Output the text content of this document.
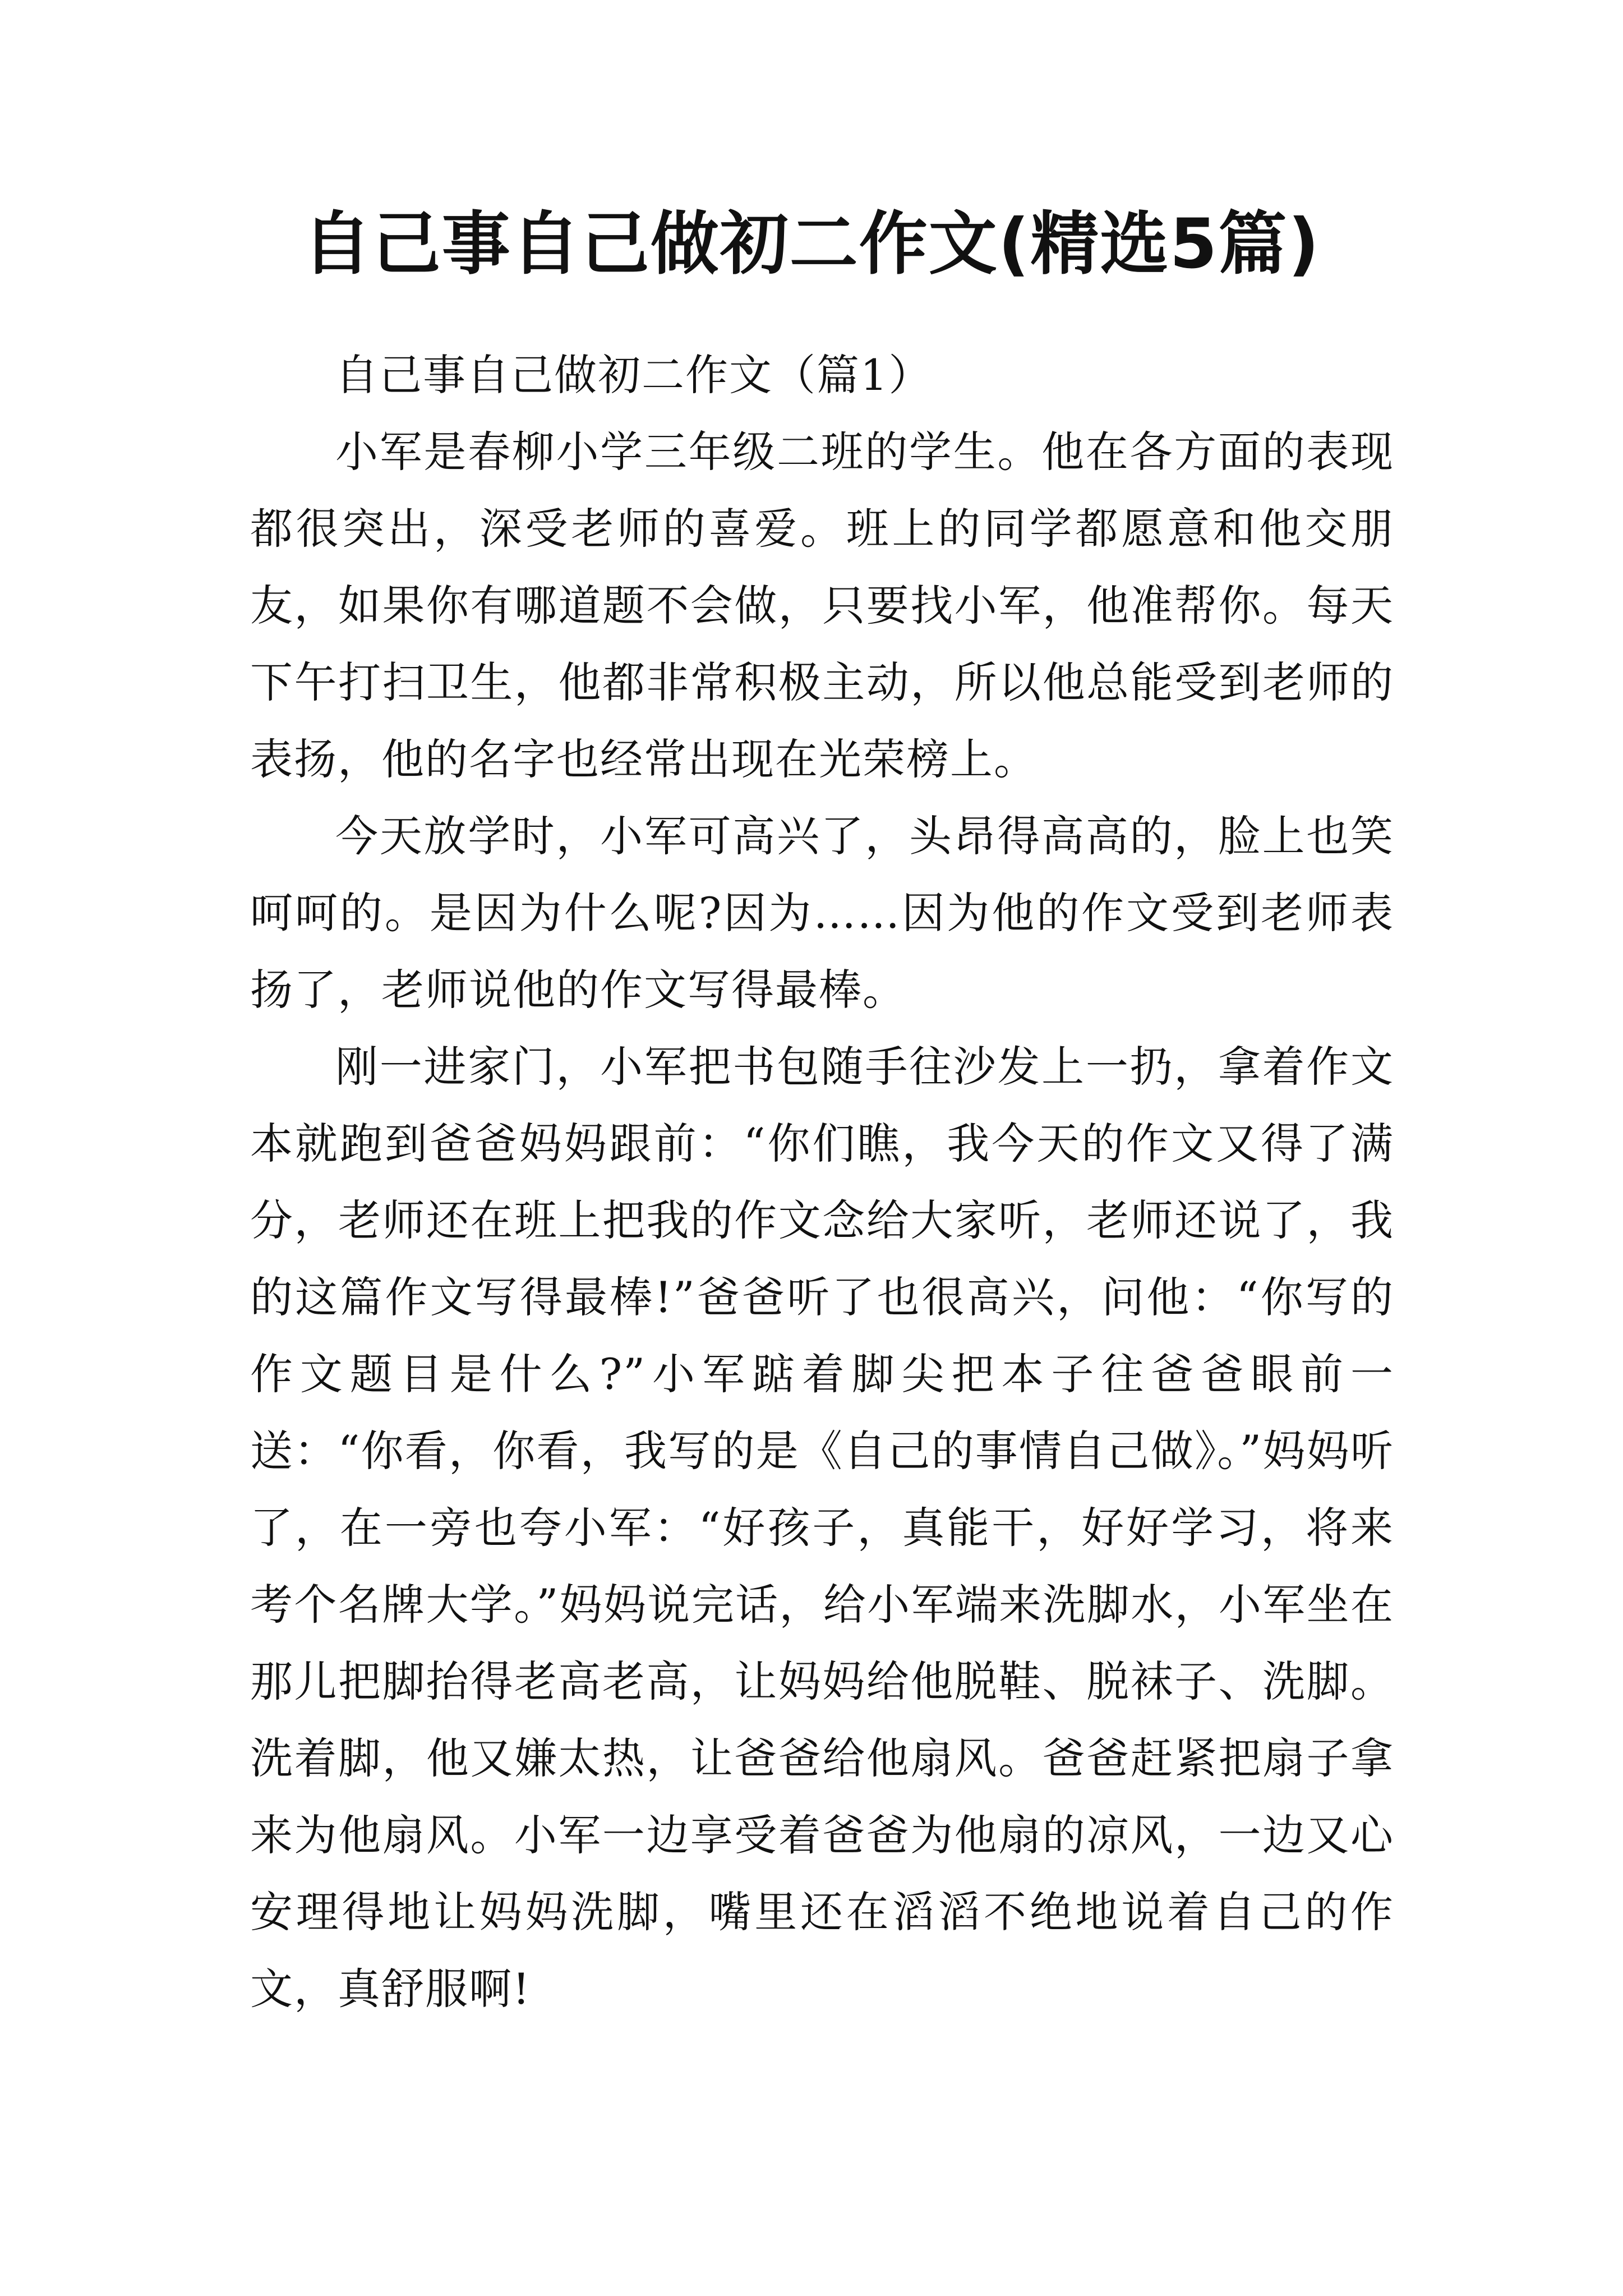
自己事自己做初二作文(精选5篇)
自己事自己做初二作文（篇1）

小军是春柳小学三年级二班的学生。他在各方面的表现都很突出，深受老师的喜爱。班上的同学都愿意和他交朋友，如果你有哪道题不会做，只要找小军，他准帮你。每天下午打扫卫生，他都非常积极主动，所以他总能受到老师的表扬，他的名字也经常出现在光荣榜上。

今天放学时，小军可高兴了，头昂得高高的，脸上也笑呵呵的。是因为什么呢?因为……因为他的作文受到老师表扬了，老师说他的作文写得最棒。

刚一进家门，小军把书包随手往沙发上一扔，拿着作文本就跑到爸爸妈妈跟前：“你们瞧，我今天的作文又得了满分，老师还在班上把我的作文念给大家听，老师还说了，我的这篇作文写得最棒!”爸爸听了也很高兴，问他：“你写的作文题目是什么?”小军踮着脚尖把本子往爸爸眼前一送：“你看，你看，我写的是《自己的事情自己做》。”妈妈听了，在一旁也夸小军：“好孩子，真能干，好好学习，将来考个名牌大学。”妈妈说完话，给小军端来洗脚水，小军坐在那儿把脚抬得老高老高，让妈妈给他脱鞋、脱袜子、洗脚。洗着脚，他又嫌太热，让爸爸给他扇风。爸爸赶紧把扇子拿来为他扇风。小军一边享受着爸爸为他扇的凉风，一边又心安理得地让妈妈洗脚，嘴里还在滔滔不绝地说着自己的作文，真舒服啊!
